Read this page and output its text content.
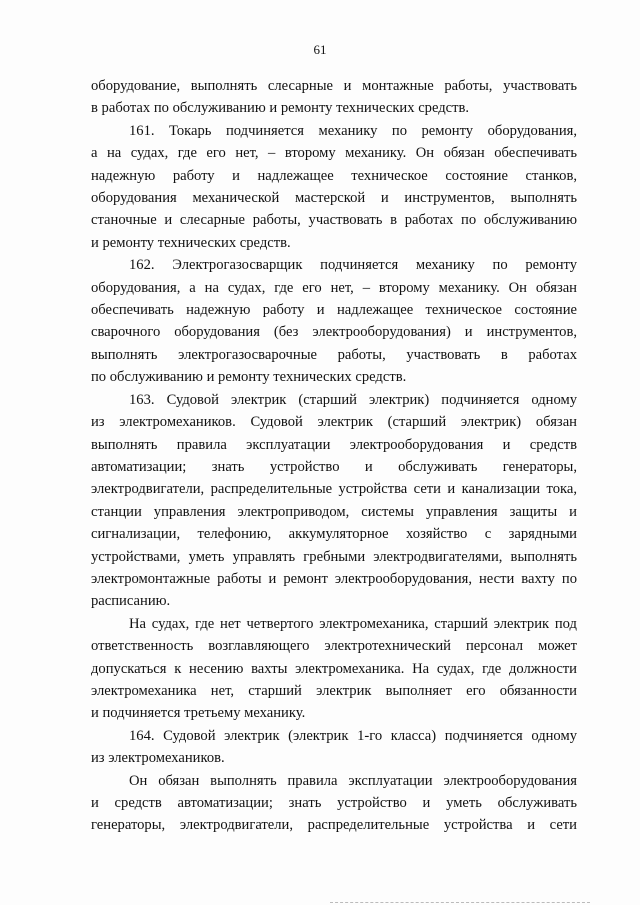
61
оборудование, выполнять слесарные и монтажные работы, участвовать
в работах по обслуживанию и ремонту технических средств.
161. Токарь подчиняется механику по ремонту оборудования,
а на судах, где его нет, – второму механику. Он обязан обеспечивать
надежную работу и надлежащее техническое состояние станков,
оборудования механической мастерской и инструментов, выполнять
станочные и слесарные работы, участвовать в работах по обслуживанию
и ремонту технических средств.
162. Электрогазосварщик подчиняется механику по ремонту
оборудования, а на судах, где его нет, – второму механику. Он обязан
обеспечивать надежную работу и надлежащее техническое состояние
сварочного оборудования (без электрооборудования) и инструментов,
выполнять электрогазосварочные работы, участвовать в работах
по обслуживанию и ремонту технических средств.
163. Судовой электрик (старший электрик) подчиняется одному
из электромехаников. Судовой электрик (старший электрик) обязан
выполнять правила эксплуатации электрооборудования и средств
автоматизации; знать устройство и обслуживать генераторы,
электродвигатели, распределительные устройства сети и канализации тока,
станции управления электроприводом, системы управления защиты и
сигнализации, телефонию, аккумуляторное хозяйство с зарядными
устройствами, уметь управлять гребными электродвигателями, выполнять
электромонтажные работы и ремонт электрооборудования, нести вахту по
расписанию.
На судах, где нет четвертого электромеханика, старший электрик под
ответственность возглавляющего электротехнический персонал может
допускаться к несению вахты электромеханика. На судах, где должности
электромеханика нет, старший электрик выполняет его обязанности
и подчиняется третьему механику.
164. Судовой электрик (электрик 1-го класса) подчиняется одному
из электромехаников.
Он обязан выполнять правила эксплуатации электрооборудования
и средств автоматизации; знать устройство и уметь обслуживать
генераторы, электродвигатели, распределительные устройства и сети
